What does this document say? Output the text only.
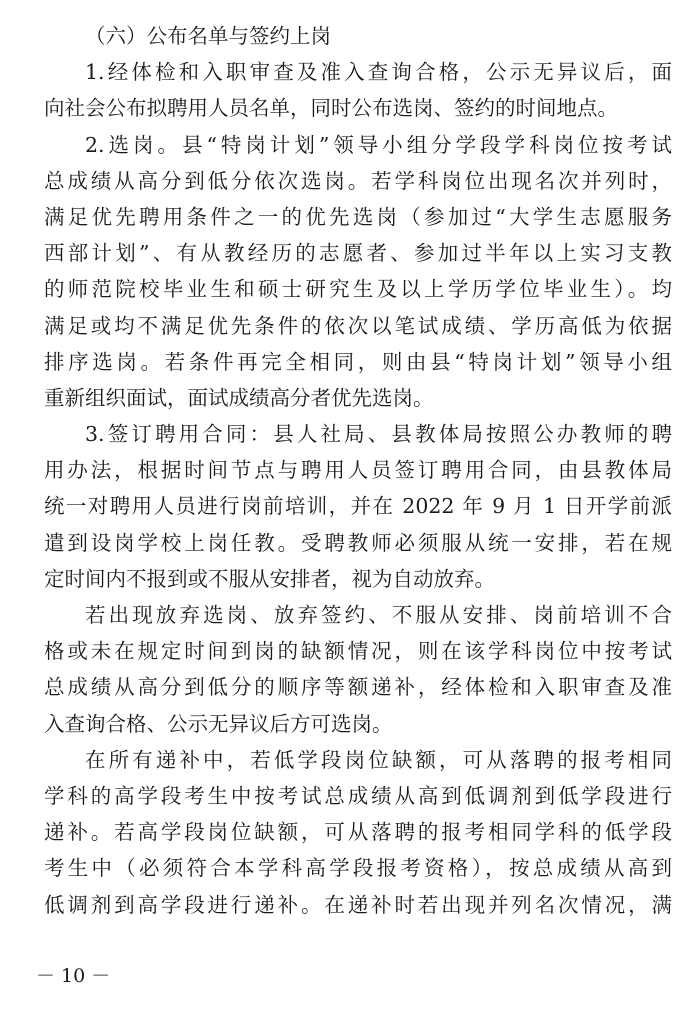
（六）公布名单与签约上岗
1.经体检和入职审查及准入查询合格，公示无异议后，面
向社会公布拟聘用人员名单，同时公布选岗、签约的时间地点。
2.选岗。县“特岗计划”领导小组分学段学科岗位按考试
总成绩从高分到低分依次选岗。若学科岗位出现名次并列时，
满足优先聘用条件之一的优先选岗（参加过“大学生志愿服务
西部计划”、有从教经历的志愿者、参加过半年以上实习支教
的师范院校毕业生和硕士研究生及以上学历学位毕业生）。均
满足或均不满足优先条件的依次以笔试成绩、学历高低为依据
排序选岗。若条件再完全相同，则由县“特岗计划”领导小组
重新组织面试，面试成绩高分者优先选岗。
3.签订聘用合同：县人社局、县教体局按照公办教师的聘
用办法，根据时间节点与聘用人员签订聘用合同，由县教体局
统一对聘用人员进行岗前培训，并在 2022 年 9 月 1 日开学前派
遣到设岗学校上岗任教。受聘教师必须服从统一安排，若在规
定时间内不报到或不服从安排者，视为自动放弃。
若出现放弃选岗、放弃签约、不服从安排、岗前培训不合
格或未在规定时间到岗的缺额情况，则在该学科岗位中按考试
总成绩从高分到低分的顺序等额递补，经体检和入职审查及准
入查询合格、公示无异议后方可选岗。
在所有递补中，若低学段岗位缺额，可从落聘的报考相同
学科的高学段考生中按考试总成绩从高到低调剂到低学段进行
递补。若高学段岗位缺额，可从落聘的报考相同学科的低学段
考生中（必须符合本学科高学段报考资格），按总成绩从高到
低调剂到高学段进行递补。在递补时若出现并列名次情况，满
－ 10 －
